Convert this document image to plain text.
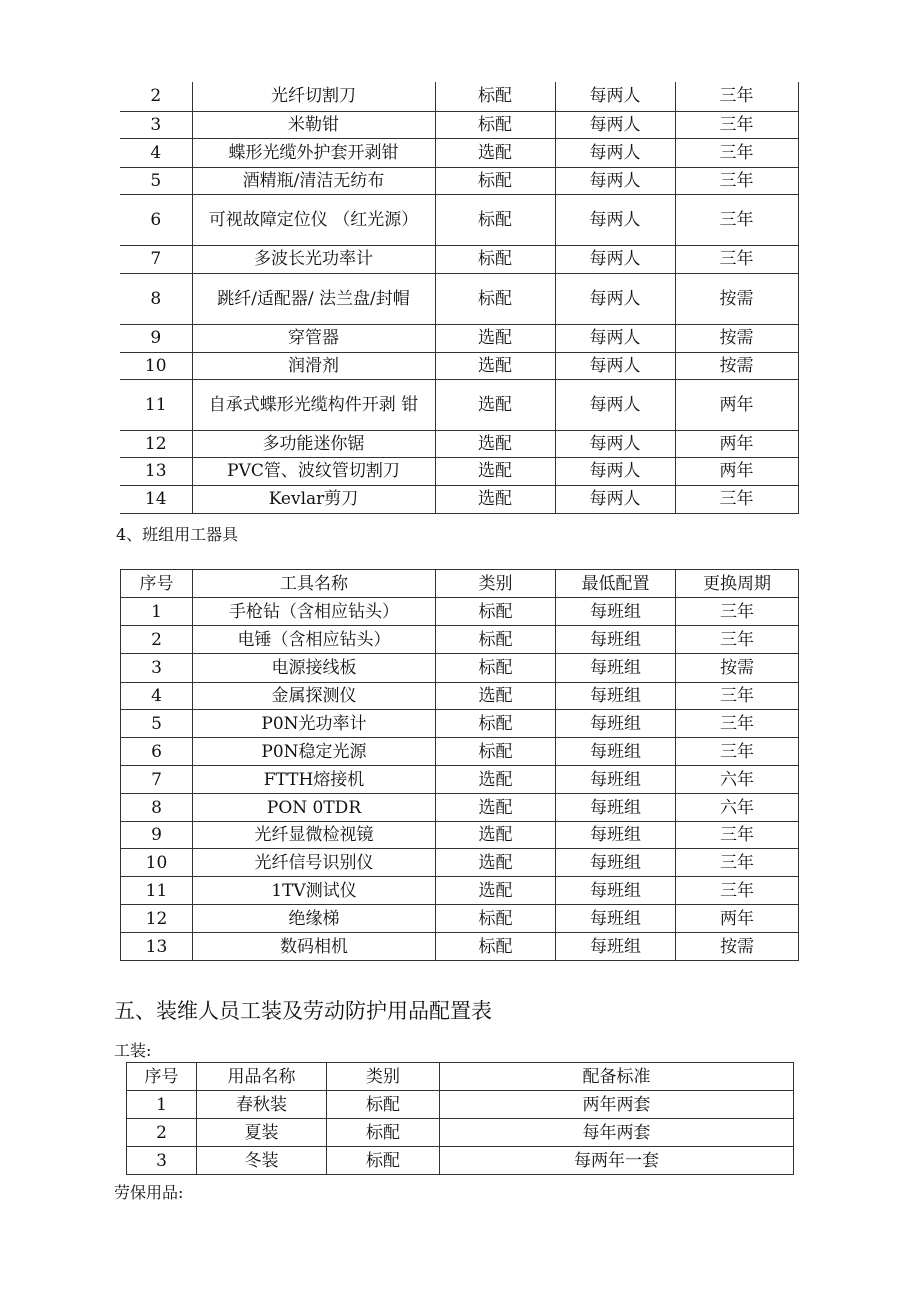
2	光纤切割刀	标配	每两人	三年
3	米勒钳	标配	每两人	三年
4	蝶形光缆外护套开剥钳	选配	每两人	三年
5	酒精瓶/清洁无纺布	标配	每两人	三年
6	可视故障定位仪 （红光源）	标配	每两人	三年
7	多波长光功率计	标配	每两人	三年
8	跳纤/适配器/ 法兰盘/封帽	标配	每两人	按需
9	穿管器	选配	每两人	按需
10	润滑剂	选配	每两人	按需
11	自承式蝶形光缆构件开剥 钳	选配	每两人	两年
12	多功能迷你锯	选配	每两人	两年
13	PVC管、波纹管切割刀	选配	每两人	两年
14	Kevlar剪刀	选配	每两人	三年
4、班组用工器具
序号	工具名称	类别	最低配置	更换周期
1	手枪钻（含相应钻头）	标配	每班组	三年
2	电锤（含相应钻头）	标配	每班组	三年
3	电源接线板	标配	每班组	按需
4	金属探测仪	选配	每班组	三年
5	P0N光功率计	标配	每班组	三年
6	P0N稳定光源	标配	每班组	三年
7	FTTH熔接机	选配	每班组	六年
8	PON 0TDR	选配	每班组	六年
9	光纤显微检视镜	选配	每班组	三年
10	光纤信号识别仪	选配	每班组	三年
11	1TV测试仪	选配	每班组	三年
12	绝缘梯	标配	每班组	两年
13	数码相机	标配	每班组	按需
五、装维人员工装及劳动防护用品配置表
工装:
序号	用品名称	类别	配备标准
1	春秋装	标配	两年两套
2	夏装	标配	每年两套
3	冬装	标配	每两年一套
劳保用品:
